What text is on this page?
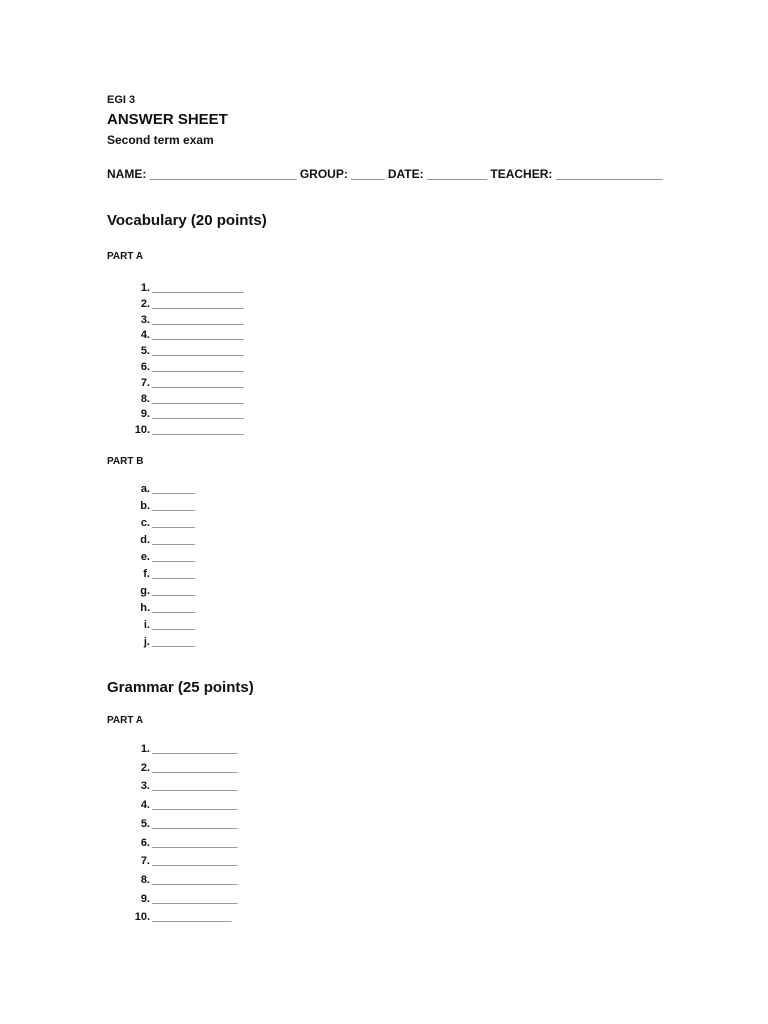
EGI 3
ANSWER SHEET
Second term exam
NAME: ______________________ GROUP: _____ DATE: _________ TEACHER: ________________
Vocabulary (20 points)
PART A
1. _______________
2. _______________
3. _______________
4. _______________
5. _______________
6. _______________
7. _______________
8. _______________
9. _______________
10. _______________
PART B
a. _______
b. _______
c. _______
d. _______
e. _______
f. _______
g. _______
h. _______
i. _______
j. _______
Grammar (25 points)
PART A
1. ______________
2. ______________
3. ______________
4. ______________
5. ______________
6. ______________
7. ______________
8. ______________
9. ______________
10. _____________
